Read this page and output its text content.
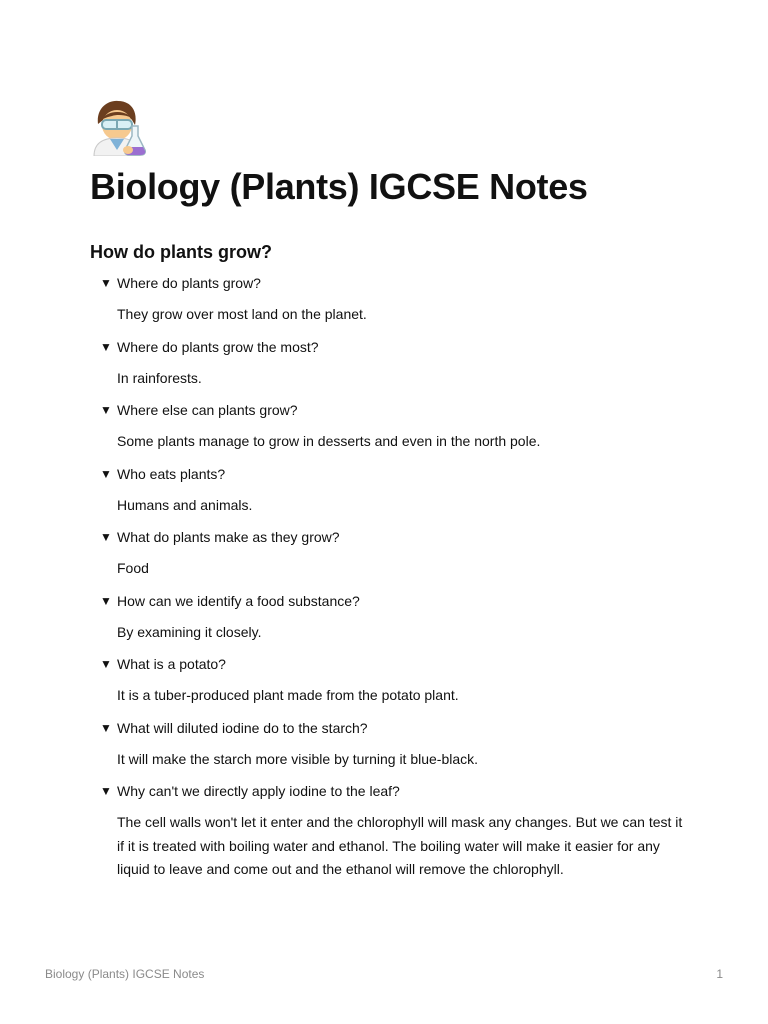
Biology (Plants) IGCSE Notes
How do plants grow?
▼ Where do plants grow?
They grow over most land on the planet.
▼ Where do plants grow the most?
In rainforests.
▼ Where else can plants grow?
Some plants manage to grow in desserts and even in the north pole.
▼ Who eats plants?
Humans and animals.
▼ What do plants make as they grow?
Food
▼ How can we identify a food substance?
By examining it closely.
▼ What is a potato?
It is a tuber-produced plant made from the potato plant.
▼ What will diluted iodine do to the starch?
It will make the starch more visible by turning it blue-black.
▼ Why can't we directly apply iodine to the leaf?
The cell walls won't let it enter and the chlorophyll will mask any changes. But we can test it if it is treated with boiling water and ethanol. The boiling water will make it easier for any liquid to leave and come out and the ethanol will remove the chlorophyll.
Biology (Plants) IGCSE Notes	1
